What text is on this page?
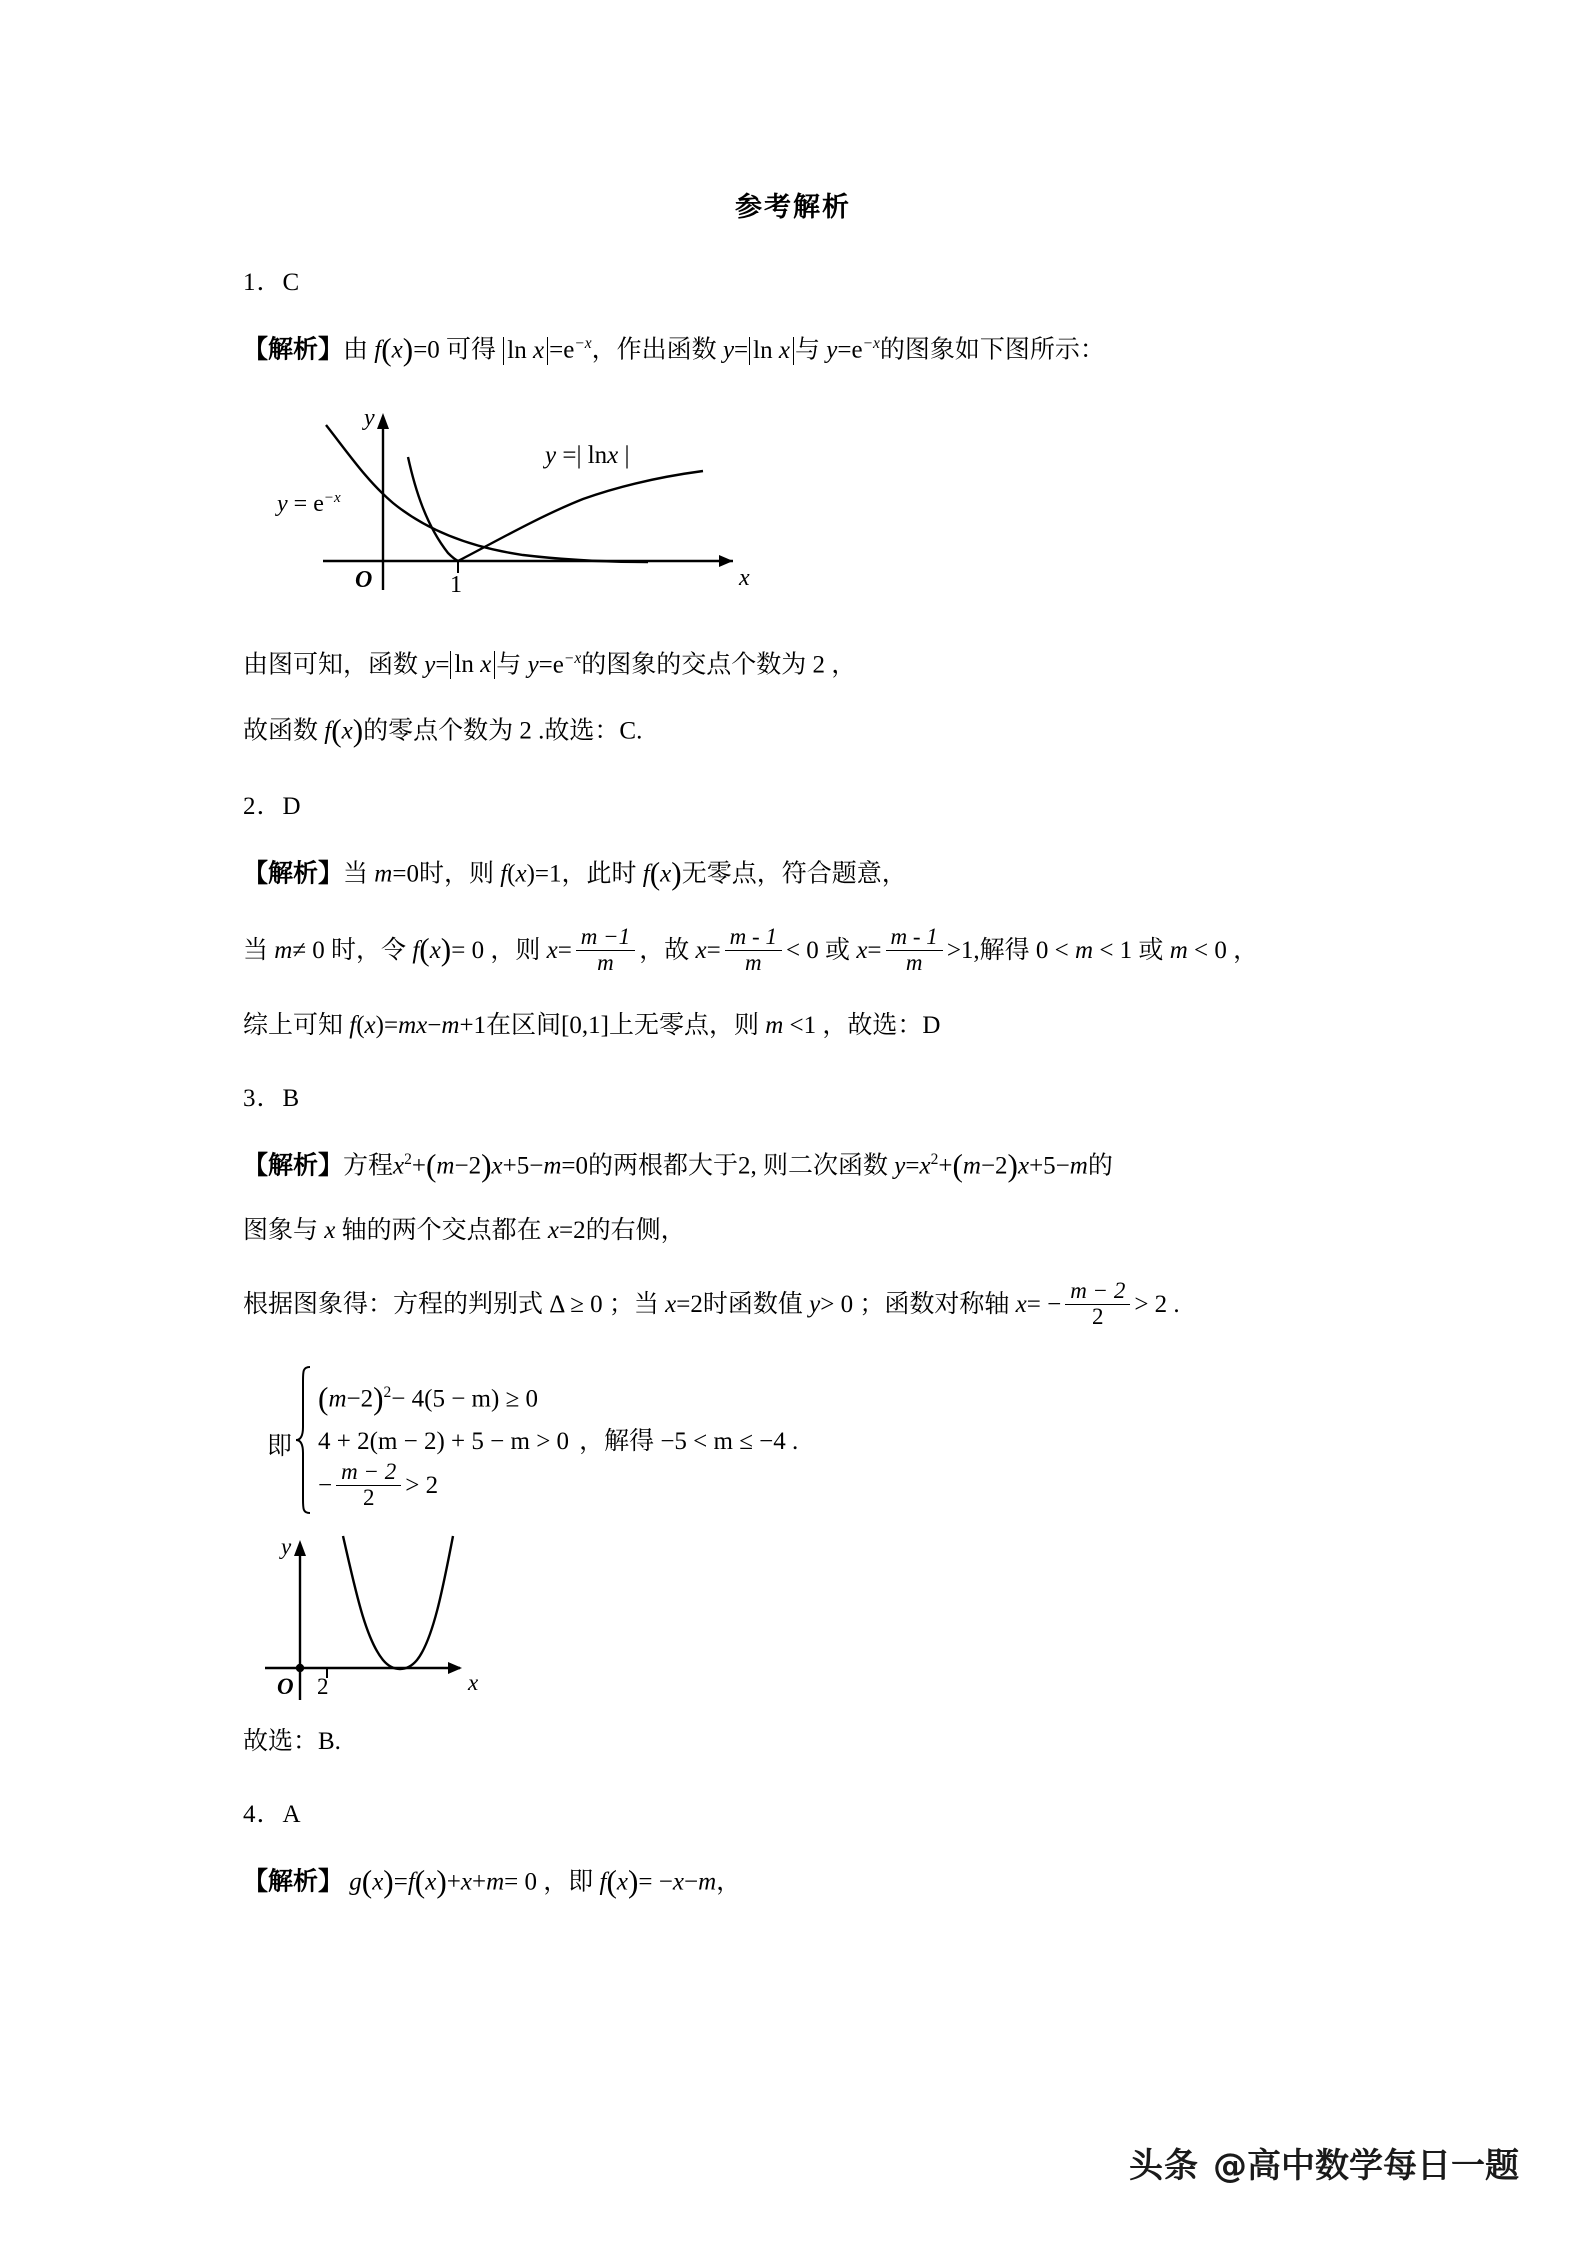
参考解析
1．C
【解析】由 f(x)=0 可得 $\ln x =e^{-x}$，作出函数 y= ln x 与 $y=e^{-x}$的图象如下图所示：
y
x
O	1
$y = e^{-x}$
y =| lnx |
由图可知，函数 y= ln x 与 $y=e^{-x}$的图象的交点个数为 2 ，
故函数 f(x)的零点个数为 2 .故选：C.
2．D
【解析】当 m=0时，则 f(x)=1，此时 f(x)无零点，符合题意，
当 m≠ 0 时，令 f(x)= 0 ，则 $x= \frac{m -1}{m}$ ，故 $x= \frac{m - 1}{m} < 0$ 或 $x= \frac{m - 1}{m} >1$,解得 0 < m < 1 或 m < 0 ，
综上可知 f(x)=mx−m+1在区间[0,1]上无零点，则 m <1 ，故选：D
3．B
【解析】方程$x^2+(m-2)x+5-m=0$的两根都大于2, 则二次函数 $y=x^2+(m-2)x+5-m$的
图象与 x 轴的两个交点都在 x=2的右侧，
根据图象得：方程的判别式 Δ ≥ 0 ；当 x=2时函数值 y> 0 ；函数对称轴 $x= - \frac{m - 2}{2} > 2$ .
即
$(m-2)^2- 4(5 - m) \ge 0$
4 + 2(m − 2) + 5 − m > 0 ，解得 −5 < m ≤ −4 .
− $\frac{m - 2}{2} > 2$
y
x
O 2
故选：B.
4．A
【解析】 g(x)=f(x)+x+m= 0 ，即 f(x)= −x−m，
头条 @高中数学每日一题
